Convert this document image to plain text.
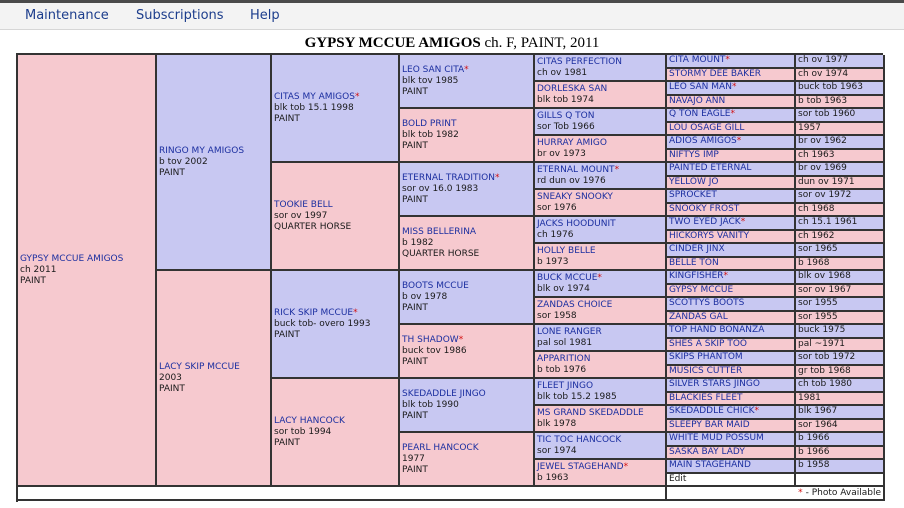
Maintenance Subscriptions Help
GYPSY MCCUE AMIGOS ch. F, PAINT, 2011
GYPSY MCCUE AMIGOS
ch 2011
PAINT
RINGO MY AMIGOS
b tov 2002
PAINT
LACY SKIP MCCUE
2003
PAINT
CITAS MY AMIGOS*
blk tob 15.1 1998
PAINT
TOOKIE BELL
sor ov 1997
QUARTER HORSE
RICK SKIP MCCUE*
buck tob- overo 1993
PAINT
LACY HANCOCK
sor tob 1994
PAINT
LEO SAN CITA*
blk tov 1985
PAINT
BOLD PRINT
blk tob 1982
PAINT
ETERNAL TRADITION*
sor ov 16.0 1983
PAINT
MISS BELLERINA
b 1982
QUARTER HORSE
BOOTS MCCUE
b ov 1978
PAINT
TH SHADOW*
buck tov 1986
PAINT
SKEDADDLE JINGO
blk tob 1990
PAINT
PEARL HANCOCK
1977
PAINT
CITAS PERFECTION
ch ov 1981
DORLESKA SAN
blk tob 1974
GILLS Q TON
sor Tob 1966
HURRAY AMIGO
br ov 1973
ETERNAL MOUNT*
rd dun ov 1976
SNEAKY SNOOKY
sor 1976
JACKS HOODUNIT
ch 1976
HOLLY BELLE
b 1973
BUCK MCCUE*
blk ov 1974
ZANDAS CHOICE
sor 1958
LONE RANGER
pal sol 1981
APPARITION
b tob 1976
FLEET JINGO
blk tob 15.2 1985
MS GRAND SKEDADDLE
blk 1978
TIC TOC HANCOCK
sor 1974
JEWEL STAGEHAND*
b 1963
CITA MOUNT*	ch ov 1977
STORMY DEE BAKER	ch ov 1974
LEO SAN MAN*	buck tob 1963
NAVAJO ANN	b tob 1963
Q TON EAGLE*	sor tob 1960
LOU OSAGE GILL	1957
ADIOS AMIGOS*	br ov 1962
NIFTYS IMP	ch 1963
PAINTED ETERNAL	br ov 1969
YELLOW JO	dun ov 1971
SPROCKET	sor ov 1972
SNOOKY FROST	ch 1968
TWO EYED JACK*	ch 15.1 1961
HICKORYS VANITY	ch 1962
CINDER JINX	sor 1965
BELLE TON	b 1968
KINGFISHER*	blk ov 1968
GYPSY MCCUE	sor ov 1967
SCOTTYS BOOTS	sor 1955
ZANDAS GAL	sor 1955
TOP HAND BONANZA	buck 1975
SHES A SKIP TOO	pal ~1971
SKIPS PHANTOM	sor tob 1972
MUSICS CUTTER	gr tob 1968
SILVER STARS JINGO	ch tob 1980
BLACKIES FLEET	1981
SKEDADDLE CHICK*	blk 1967
SLEEPY BAR MAID	sor 1964
WHITE MUD POSSUM	b 1966
SASKA BAY LADY	b 1966
MAIN STAGEHAND	b 1958
Edit
* - Photo Available
